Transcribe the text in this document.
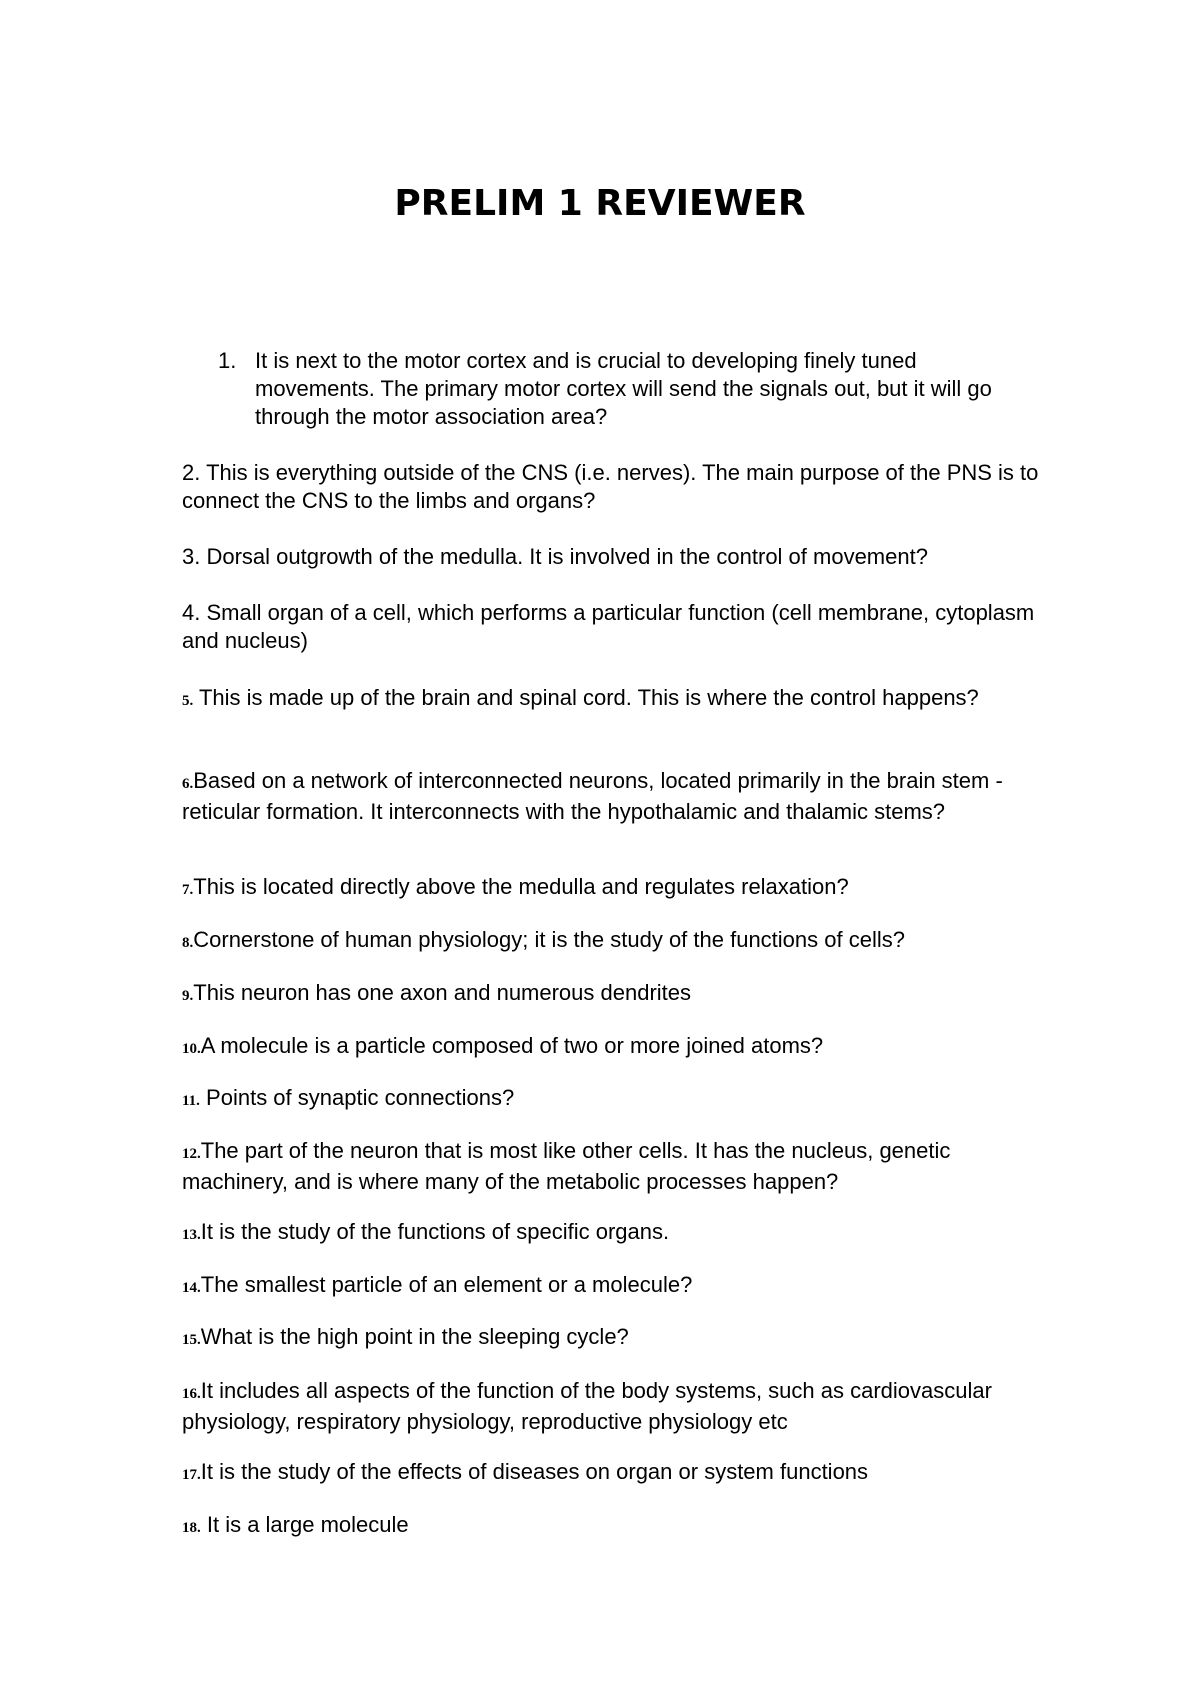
PRELIM 1 REVIEWER
1. It is next to the motor cortex and is crucial to developing finely tuned movements. The primary motor cortex will send the signals out, but it will go through the motor association area?
2. This is everything outside of the CNS (i.e. nerves). The main purpose of the PNS is to connect the CNS to the limbs and organs?
3. Dorsal outgrowth of the medulla. It is involved in the control of movement?
4. Small organ of a cell, which performs a particular function (cell membrane, cytoplasm and nucleus)
5. This is made up of the brain and spinal cord. This is where the control happens?
6.Based on a network of interconnected neurons, located primarily in the brain stem - reticular formation. It interconnects with the hypothalamic and thalamic stems?
7.This is located directly above the medulla and regulates relaxation?
8.Cornerstone of human physiology; it is the study of the functions of cells?
9.This neuron has one axon and numerous dendrites
10.A molecule is a particle composed of two or more joined atoms?
11. Points of synaptic connections?
12.The part of the neuron that is most like other cells. It has the nucleus, genetic machinery, and is where many of the metabolic processes happen?
13.It is the study of the functions of specific organs.
14.The smallest particle of an element or a molecule?
15.What is the high point in the sleeping cycle?
16.It includes all aspects of the function of the body systems, such as cardiovascular physiology, respiratory physiology, reproductive physiology etc
17.It is the study of the effects of diseases on organ or system functions
18. It is a large molecule
